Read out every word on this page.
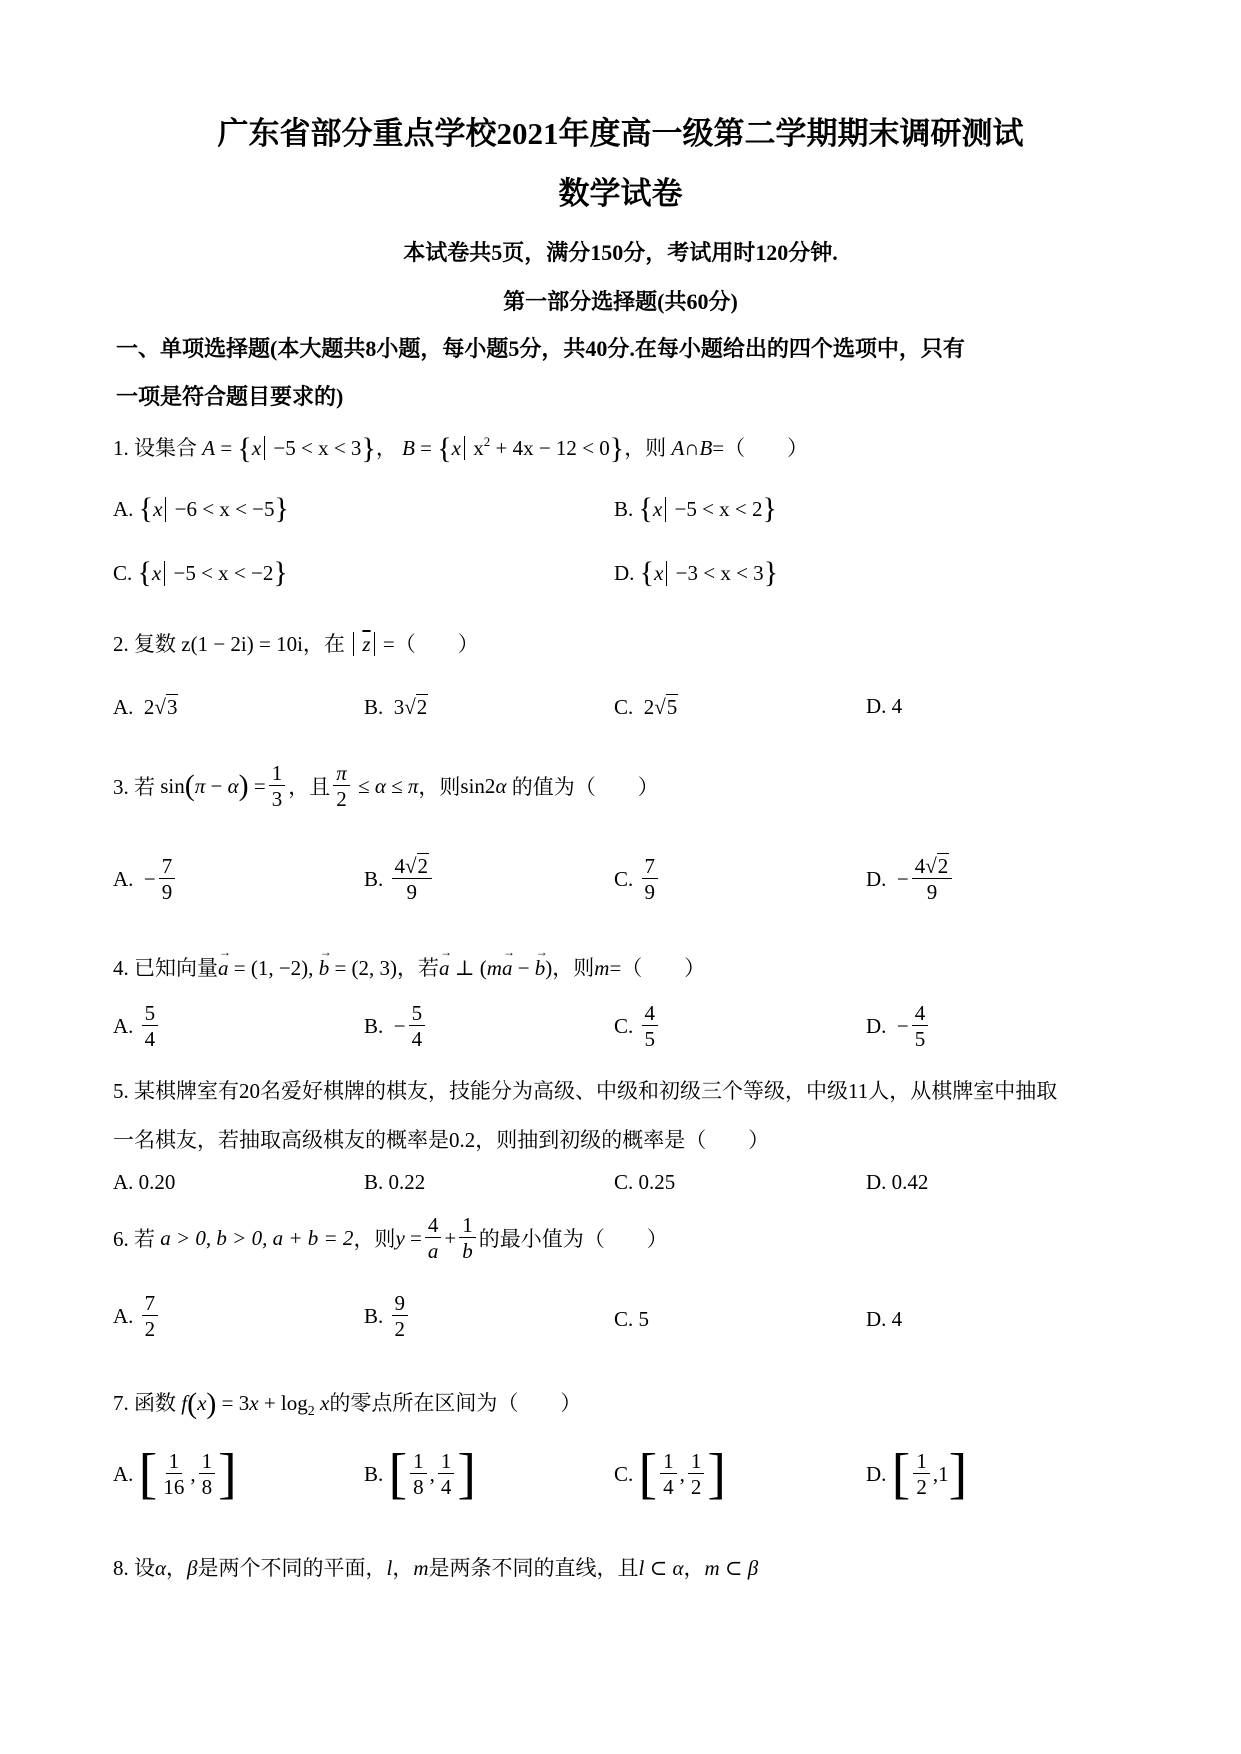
广东省部分重点学校2021年度高一级第二学期期末调研测试
数学试卷
本试卷共5页，满分150分，考试用时120分钟.
第一部分选择题(共60分)
一、单项选择题(本大题共8小题，每小题5分，共40分.在每小题给出的四个选项中，只有
一项是符合题目要求的)
1. 设集合 A = {x −5 < x < 3}， B = {x $x^2 + 4x - 12 < 0$}，则 A∩B=（　　）
A.
{ x
−6 < x < −5 }	B.
{ x
−5 < x < 2 }
C.
{ x
−5 < x < −2 }	D.
{ x
−3 < x < 3 }
2. 复数 z(1 − 2i) = 10i，在 $\overline{z}$ =（　　）
A. 2√ 3	B. 3√ 2	C. 2√ 5	D. 4
3. 若 sin ( π − α ) = $\frac{1}{3}$ ，且 $\frac{\pi}{2} \le \alpha \le \pi$ ，则 sin2 α
的值为（　　）
A. − $\frac{7}{9}$	B.
$\frac{4√2}{9}$	C.
$\frac{7}{9}$	D. − $\frac{4√2}{9}$
4. 已知向量→ a = (1, −2), → b = (2, 3)，若→ a ⊥ (m→ a − → b)，则m=（　　）
A.
$\frac{5}{4}$	B. − $\frac{5}{4}$	C.
$\frac{4}{5}$	D. − $\frac{4}{5}$
5. 某棋牌室有20名爱好棋牌的棋友，技能分为高级、中级和初级三个等级，中级11人，从棋牌室中抽取
一名棋友，若抽取高级棋友的概率是0.2，则抽到初级的概率是（　　）
A. 0.20	B. 0.22	C. 0.25	D. 0.42
6. 若
a > 0, b > 0, a + b = 2 ，则 $y = \frac{4}{a} + \frac{1}{b}$ 的最小值为（　　）
A.
$\frac{7}{2}$	B.
$\frac{9}{2}$	C. 5	D. 4
7. 函数 $f(x) = 3x + \log_2 x$的零点所在区间为（　　）
A.
[ $\frac{1}{16}$ , $\frac{1}{8}$ ]	B.
[ $\frac{1}{8}$ , $\frac{1}{4}$ ]	C.
[ $\frac{1}{4}$ , $\frac{1}{2}$ ]	D.
[ $\frac{1}{2} ,1$ ]
8. 设α，β是两个不同的平面，l，m是两条不同的直线，且l ⊂ α，m ⊂ β
